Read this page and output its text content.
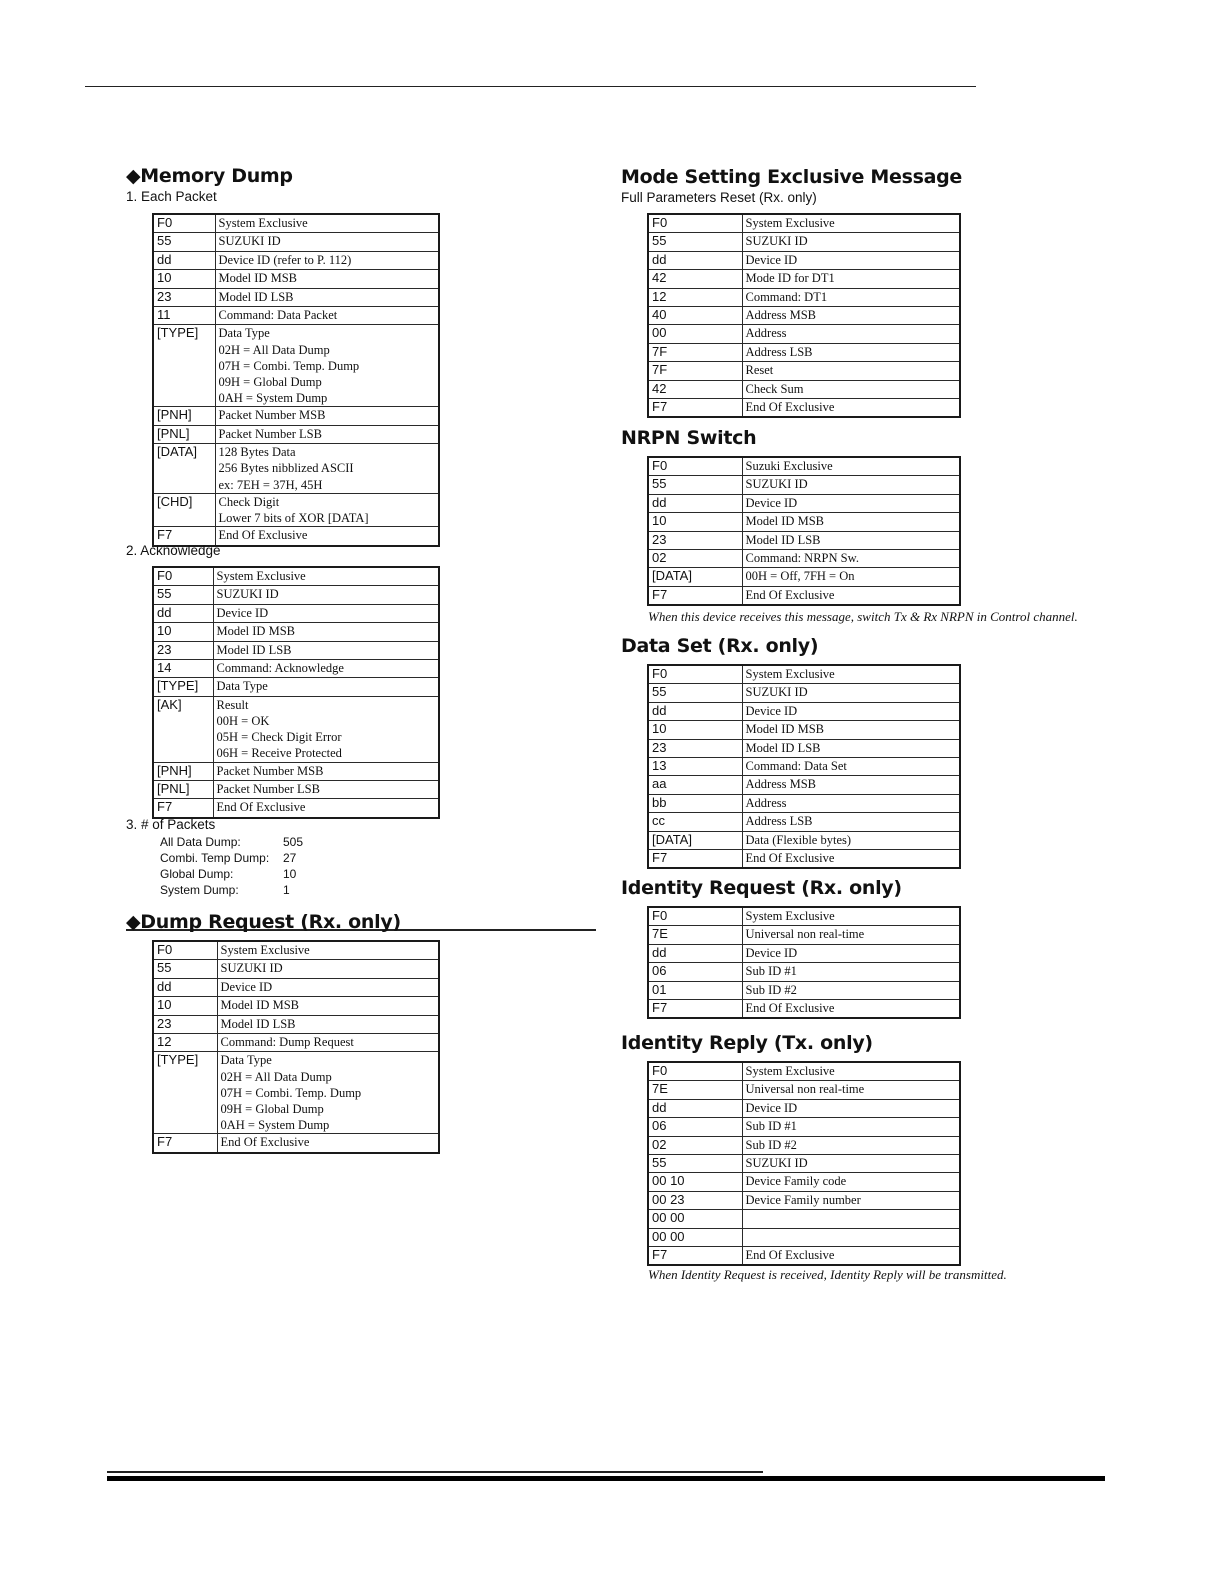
◆Memory Dump
1. Each Packet
F0	System Exclusive

55	SUZUKI ID

dd	Device ID (refer to P. 112)

10	Model ID MSB

23	Model ID LSB

11	Command: Data Packet

[TYPE]	Data Type
02H = All Data Dump
07H = Combi. Temp. Dump
09H = Global Dump
0AH = System Dump

[PNH]	Packet Number MSB

[PNL]	Packet Number LSB

[DATA]	128 Bytes Data
256 Bytes nibblized ASCII
ex: 7EH = 37H, 45H

[CHD]	Check Digit
Lower 7 bits of XOR [DATA]

F7	End Of Exclusive
2. Acknowledge
F0	System Exclusive

55	SUZUKI ID

dd	Device ID

10	Model ID MSB

23	Model ID LSB

14	Command: Acknowledge

[TYPE]	Data Type

[AK]	Result
00H = OK
05H = Check Digit Error
06H = Receive Protected

[PNH]	Packet Number MSB

[PNL]	Packet Number LSB

F7	End Of Exclusive
3. # of Packets
All Data Dump:	505
Combi. Temp Dump: 27
Global Dump:	10
System Dump:	1
◆Dump Request (Rx. only)
F0	System Exclusive

55	SUZUKI ID

dd	Device ID

10	Model ID MSB

23	Model ID LSB

12	Command: Dump Request

[TYPE]	Data Type
02H = All Data Dump
07H = Combi. Temp. Dump
09H = Global Dump
0AH = System Dump

F7	End Of Exclusive
Mode Setting Exclusive Message
Full Parameters Reset (Rx. only)
F0	System Exclusive

55	SUZUKI ID

dd	Device ID

42	Mode ID for DT1

12	Command: DT1

40	Address MSB

00	Address

7F	Address LSB

7F	Reset

42	Check Sum

F7	End Of Exclusive
NRPN Switch
F0	Suzuki Exclusive

55	SUZUKI ID

dd	Device ID

10	Model ID MSB

23	Model ID LSB

02	Command: NRPN Sw.

[DATA]	00H = Off, 7FH = On

F7	End Of Exclusive
When this device receives this message, switch Tx & Rx NRPN in Control channel.
Data Set (Rx. only)
F0	System Exclusive

55	SUZUKI ID

dd	Device ID

10	Model ID MSB

23	Model ID LSB

13	Command: Data Set

aa	Address MSB

bb	Address

cc	Address LSB

[DATA]	Data (Flexible bytes)

F7	End Of Exclusive
Identity Request (Rx. only)
F0	System Exclusive

7E	Universal non real-time

dd	Device ID

06	Sub ID #1

01	Sub ID #2

F7	End Of Exclusive
Identity Reply (Tx. only)
F0	System Exclusive

7E	Universal non real-time

dd	Device ID

06	Sub ID #1

02	Sub ID #2

55	SUZUKI ID

00 10	Device Family code

00 23	Device Family number

00 00	

00 00	

F7	End Of Exclusive
When Identity Request is received, Identity Reply will be transmitted.
